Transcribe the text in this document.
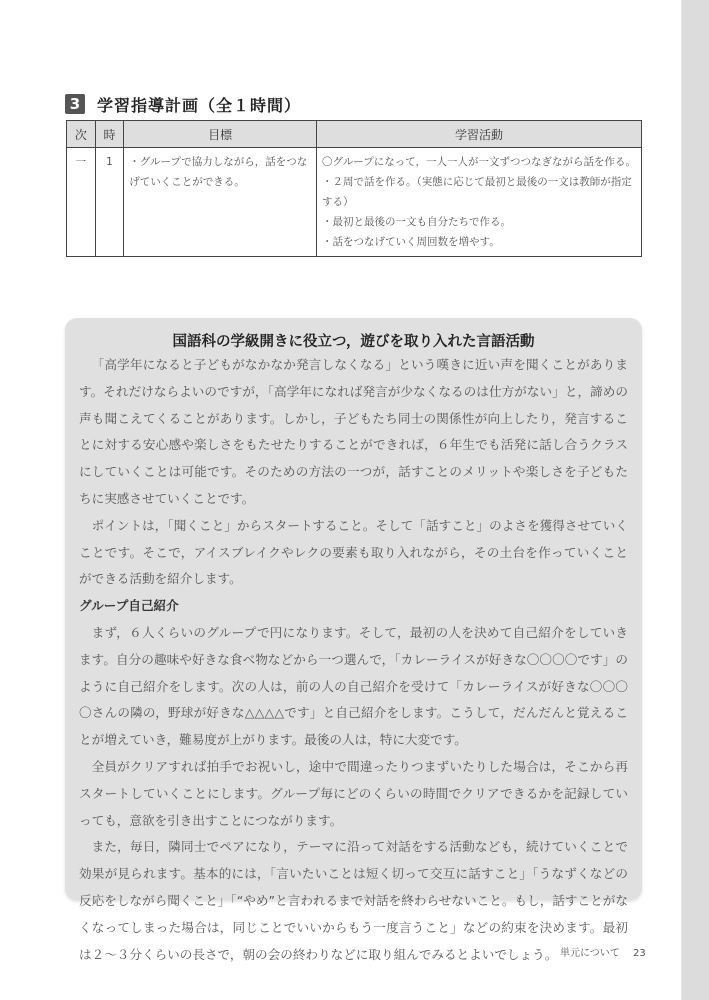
3 学習指導計画（全１時間）
次	時	目標	学習活動
一	1	・グループで協力しながら，話をつなげていくことができる。	〇グループになって，一人一人が一文ずつつなぎながら話を作る。
・２周で話を作る。（実態に応じて最初と最後の一文は教師が指定する）
・最初と最後の一文も自分たちで作る。
・話をつなげていく周回数を増やす。
国語科の学級開きに役立つ，遊びを取り入れた言語活動

「高学年になると子どもがなかなか発言しなくなる」という嘆きに近い声を聞くことがあります。それだけならよいのですが，「高学年になれば発言が少なくなるのは仕方がない」と，諦めの声も聞こえてくることがあります。しかし，子どもたち同士の関係性が向上したり，発言することに対する安心感や楽しさをもたせたりすることができれば，６年生でも活発に話し合うクラスにしていくことは可能です。そのための方法の一つが，話すことのメリットや楽しさを子どもたちに実感させていくことです。

ポイントは，「聞くこと」からスタートすること。そして「話すこと」のよさを獲得させていくことです。そこで，アイスブレイクやレクの要素も取り入れながら，その土台を作っていくことができる活動を紹介します。

グループ自己紹介

まず，６人くらいのグループで円になります。そして，最初の人を決めて自己紹介をしていきます。自分の趣味や好きな食べ物などから一つ選んで，「カレーライスが好きな〇〇〇〇です」のように自己紹介をします。次の人は，前の人の自己紹介を受けて「カレーライスが好きな〇〇〇〇さんの隣の，野球が好きな△△△△です」と自己紹介をします。こうして，だんだんと覚えることが増えていき，難易度が上がります。最後の人は，特に大変です。

全員がクリアすれば拍手でお祝いし，途中で間違ったりつまずいたりした場合は，そこから再スタートしていくことにします。グループ毎にどのくらいの時間でクリアできるかを記録していっても，意欲を引き出すことにつながります。

また，毎日，隣同士でペアになり，テーマに沿って対話をする活動なども，続けていくことで効果が見られます。基本的には，「言いたいことは短く切って交互に話すこと」「うなずくなどの反応をしながら聞くこと」「“やめ”と言われるまで対話を終わらせないこと。もし，話すことがなくなってしまった場合は，同じことでいいからもう一度言うこと」などの約束を決めます。最初は２～３分くらいの長さで，朝の会の終わりなどに取り組んでみるとよいでしょう。 単元について 23
